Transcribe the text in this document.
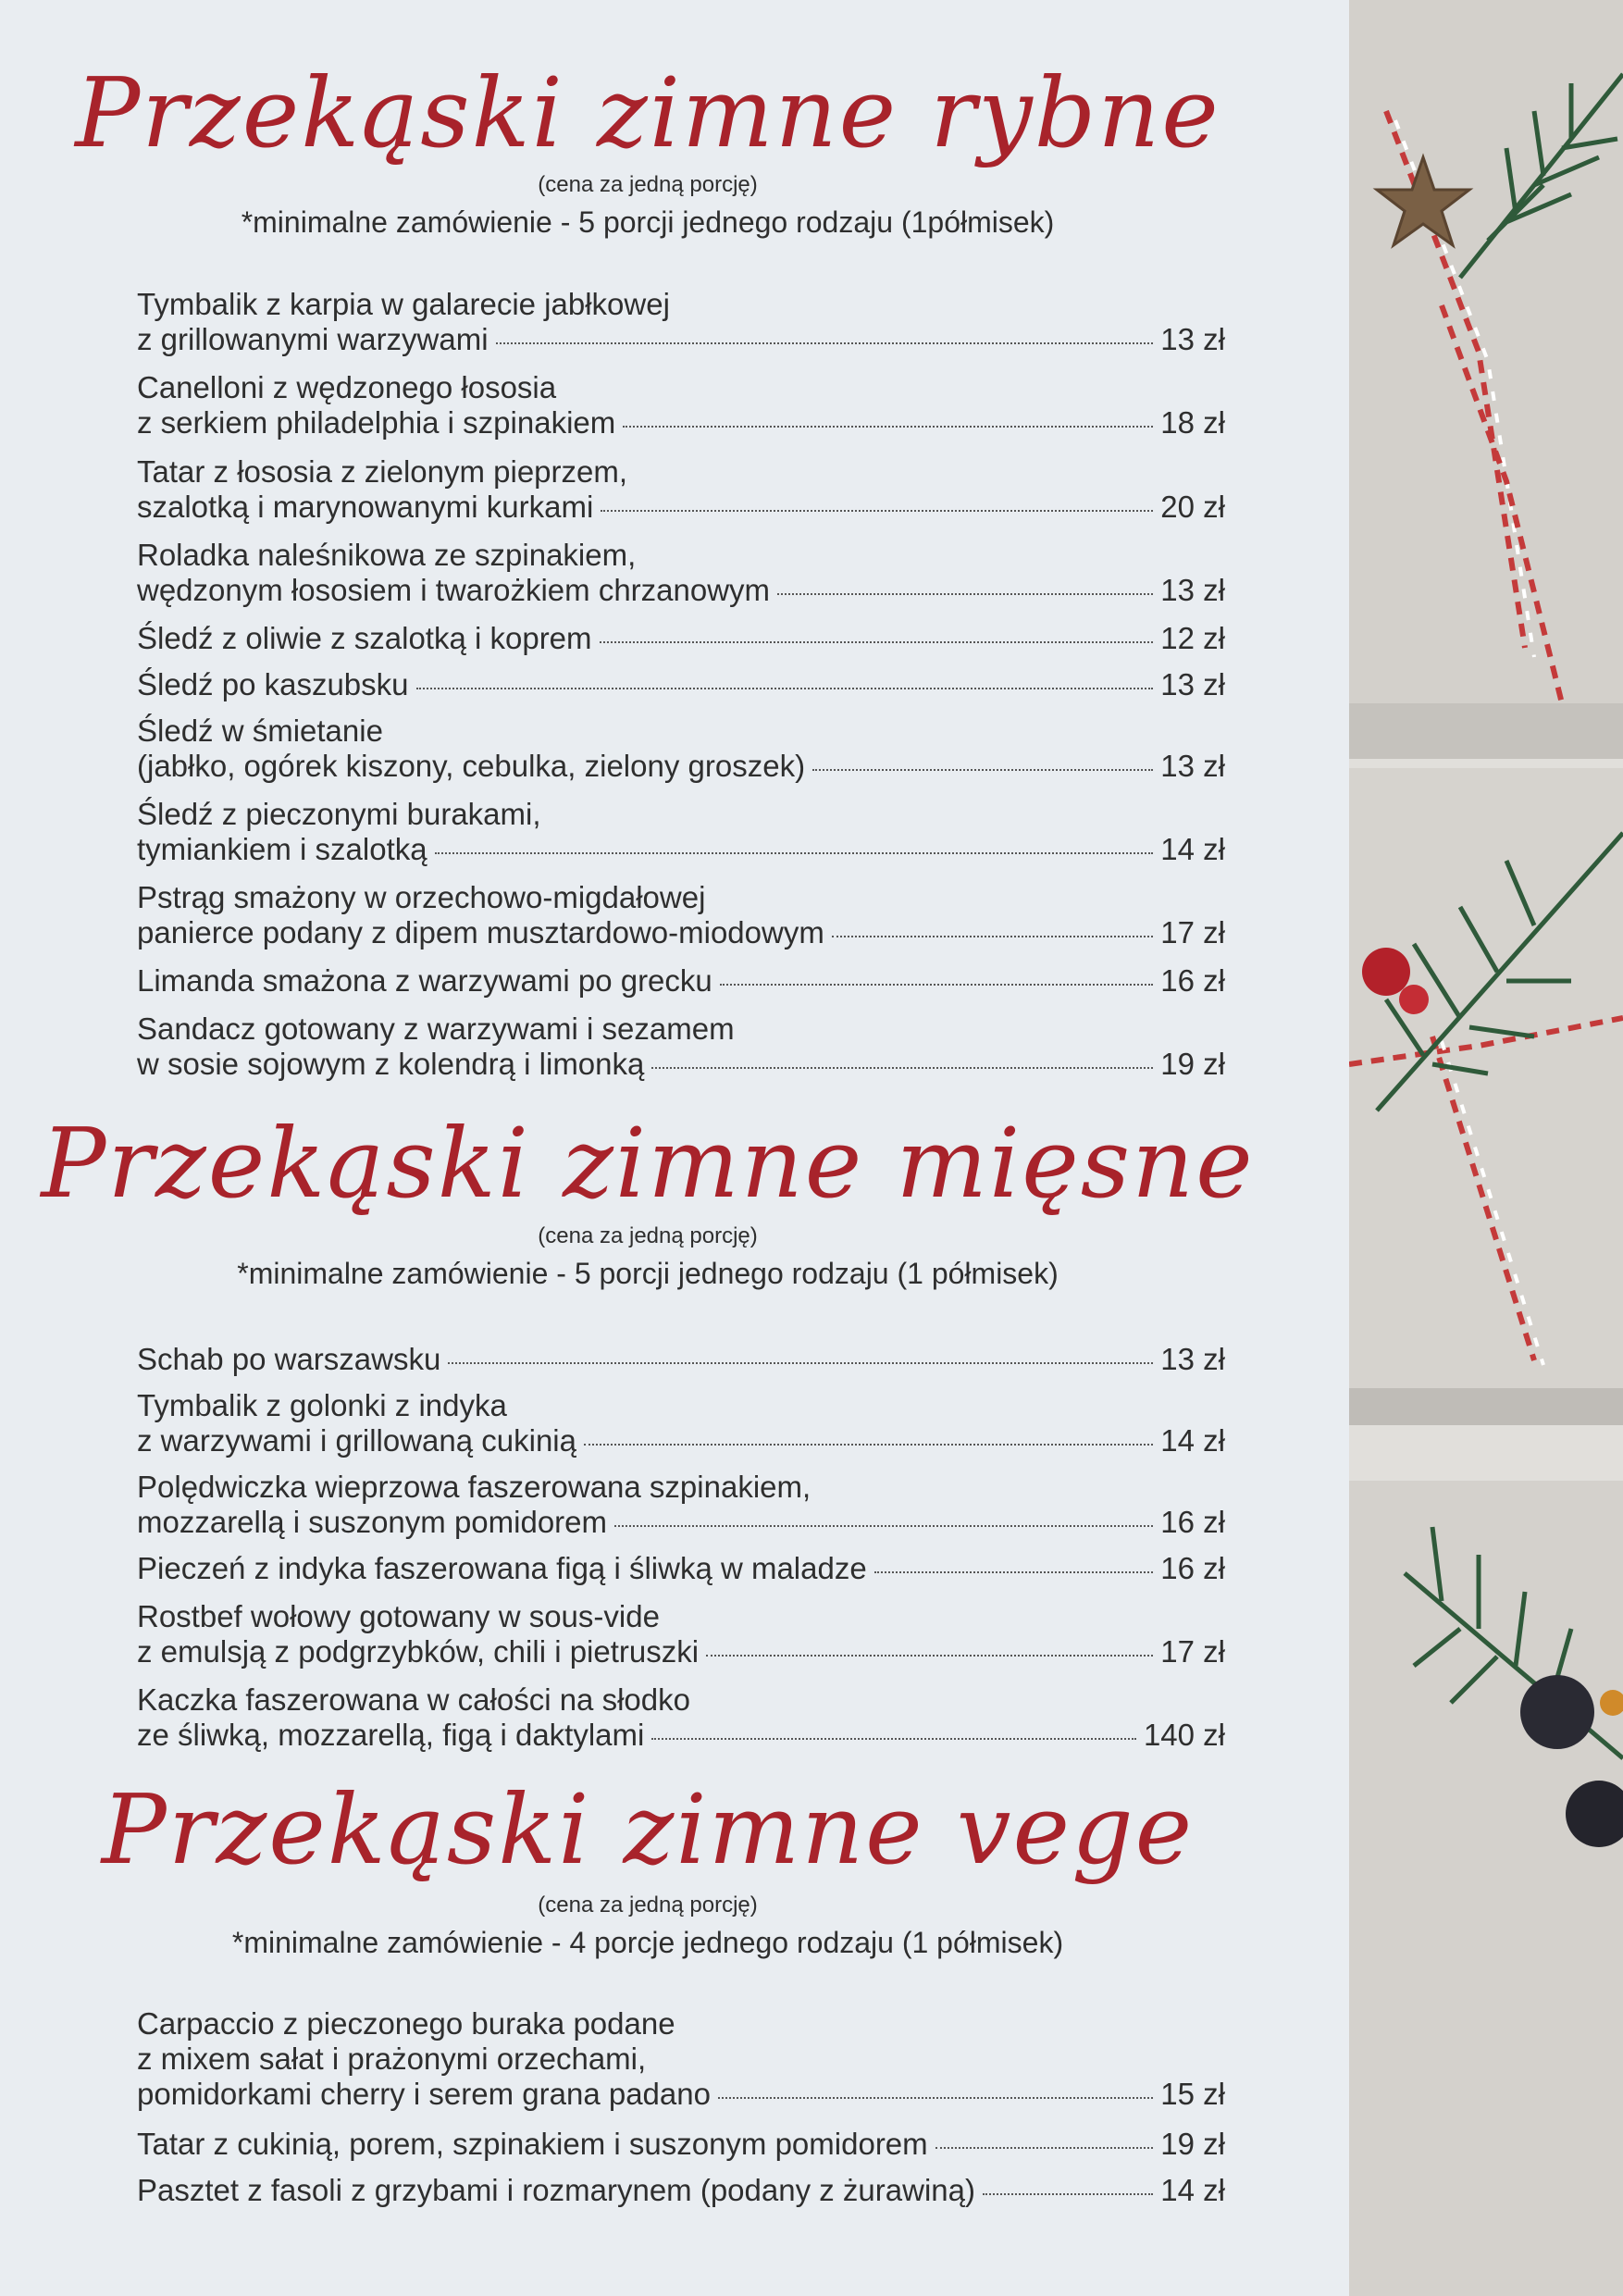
Przekąski zimne rybne
(cena za jedną porcję)
*minimalne zamówienie - 5 porcji jednego rodzaju (1półmisek)
Tymbalik z karpia w galarecie jabłkowej
z grillowanymi warzywami	13 zł
Canelloni z wędzonego łososia
z serkiem philadelphia i szpinakiem	18 zł
Tatar z łososia z zielonym pieprzem,
szalotką i marynowanymi kurkami	20 zł
Roladka naleśnikowa ze szpinakiem,
wędzonym łososiem i twarożkiem chrzanowym	13 zł
Śledź z oliwie z szalotką i koprem	12 zł
Śledź po kaszubsku	13 zł
Śledź w śmietanie
(jabłko, ogórek kiszony, cebulka, zielony groszek)	13 zł
Śledź z pieczonymi burakami,
tymiankiem i szalotką	14 zł
Pstrąg smażony w orzechowo-migdałowej
panierce podany z dipem musztardowo-miodowym	17 zł
Limanda smażona z warzywami po grecku	16 zł
Sandacz gotowany z warzywami i sezamem
w sosie sojowym z kolendrą i limonką	19 zł
Przekąski zimne mięsne
(cena za jedną porcję)
*minimalne zamówienie - 5 porcji jednego rodzaju (1 półmisek)
Schab po warszawsku	13 zł
Tymbalik z golonki z indyka
z warzywami i grillowaną cukinią	14 zł
Polędwiczka wieprzowa faszerowana szpinakiem,
mozzarellą i suszonym pomidorem	16 zł
Pieczeń z indyka faszerowana figą i śliwką w maladze	16 zł
Rostbef wołowy gotowany w sous-vide
z emulsją z podgrzybków, chili i pietruszki	17 zł
Kaczka faszerowana w całości na słodko
ze śliwką, mozzarellą, figą i daktylami	140 zł
Przekąski zimne vege
(cena za jedną porcję)
*minimalne zamówienie - 4 porcje jednego rodzaju (1 półmisek)
Carpaccio z pieczonego buraka podane
z mixem sałat i prażonymi orzechami,
pomidorkami cherry i serem grana padano	15 zł
Tatar z cukinią, porem, szpinakiem i suszonym pomidorem	19 zł
Pasztet z fasoli z grzybami i rozmarynem (podany z żurawiną)	14 zł
